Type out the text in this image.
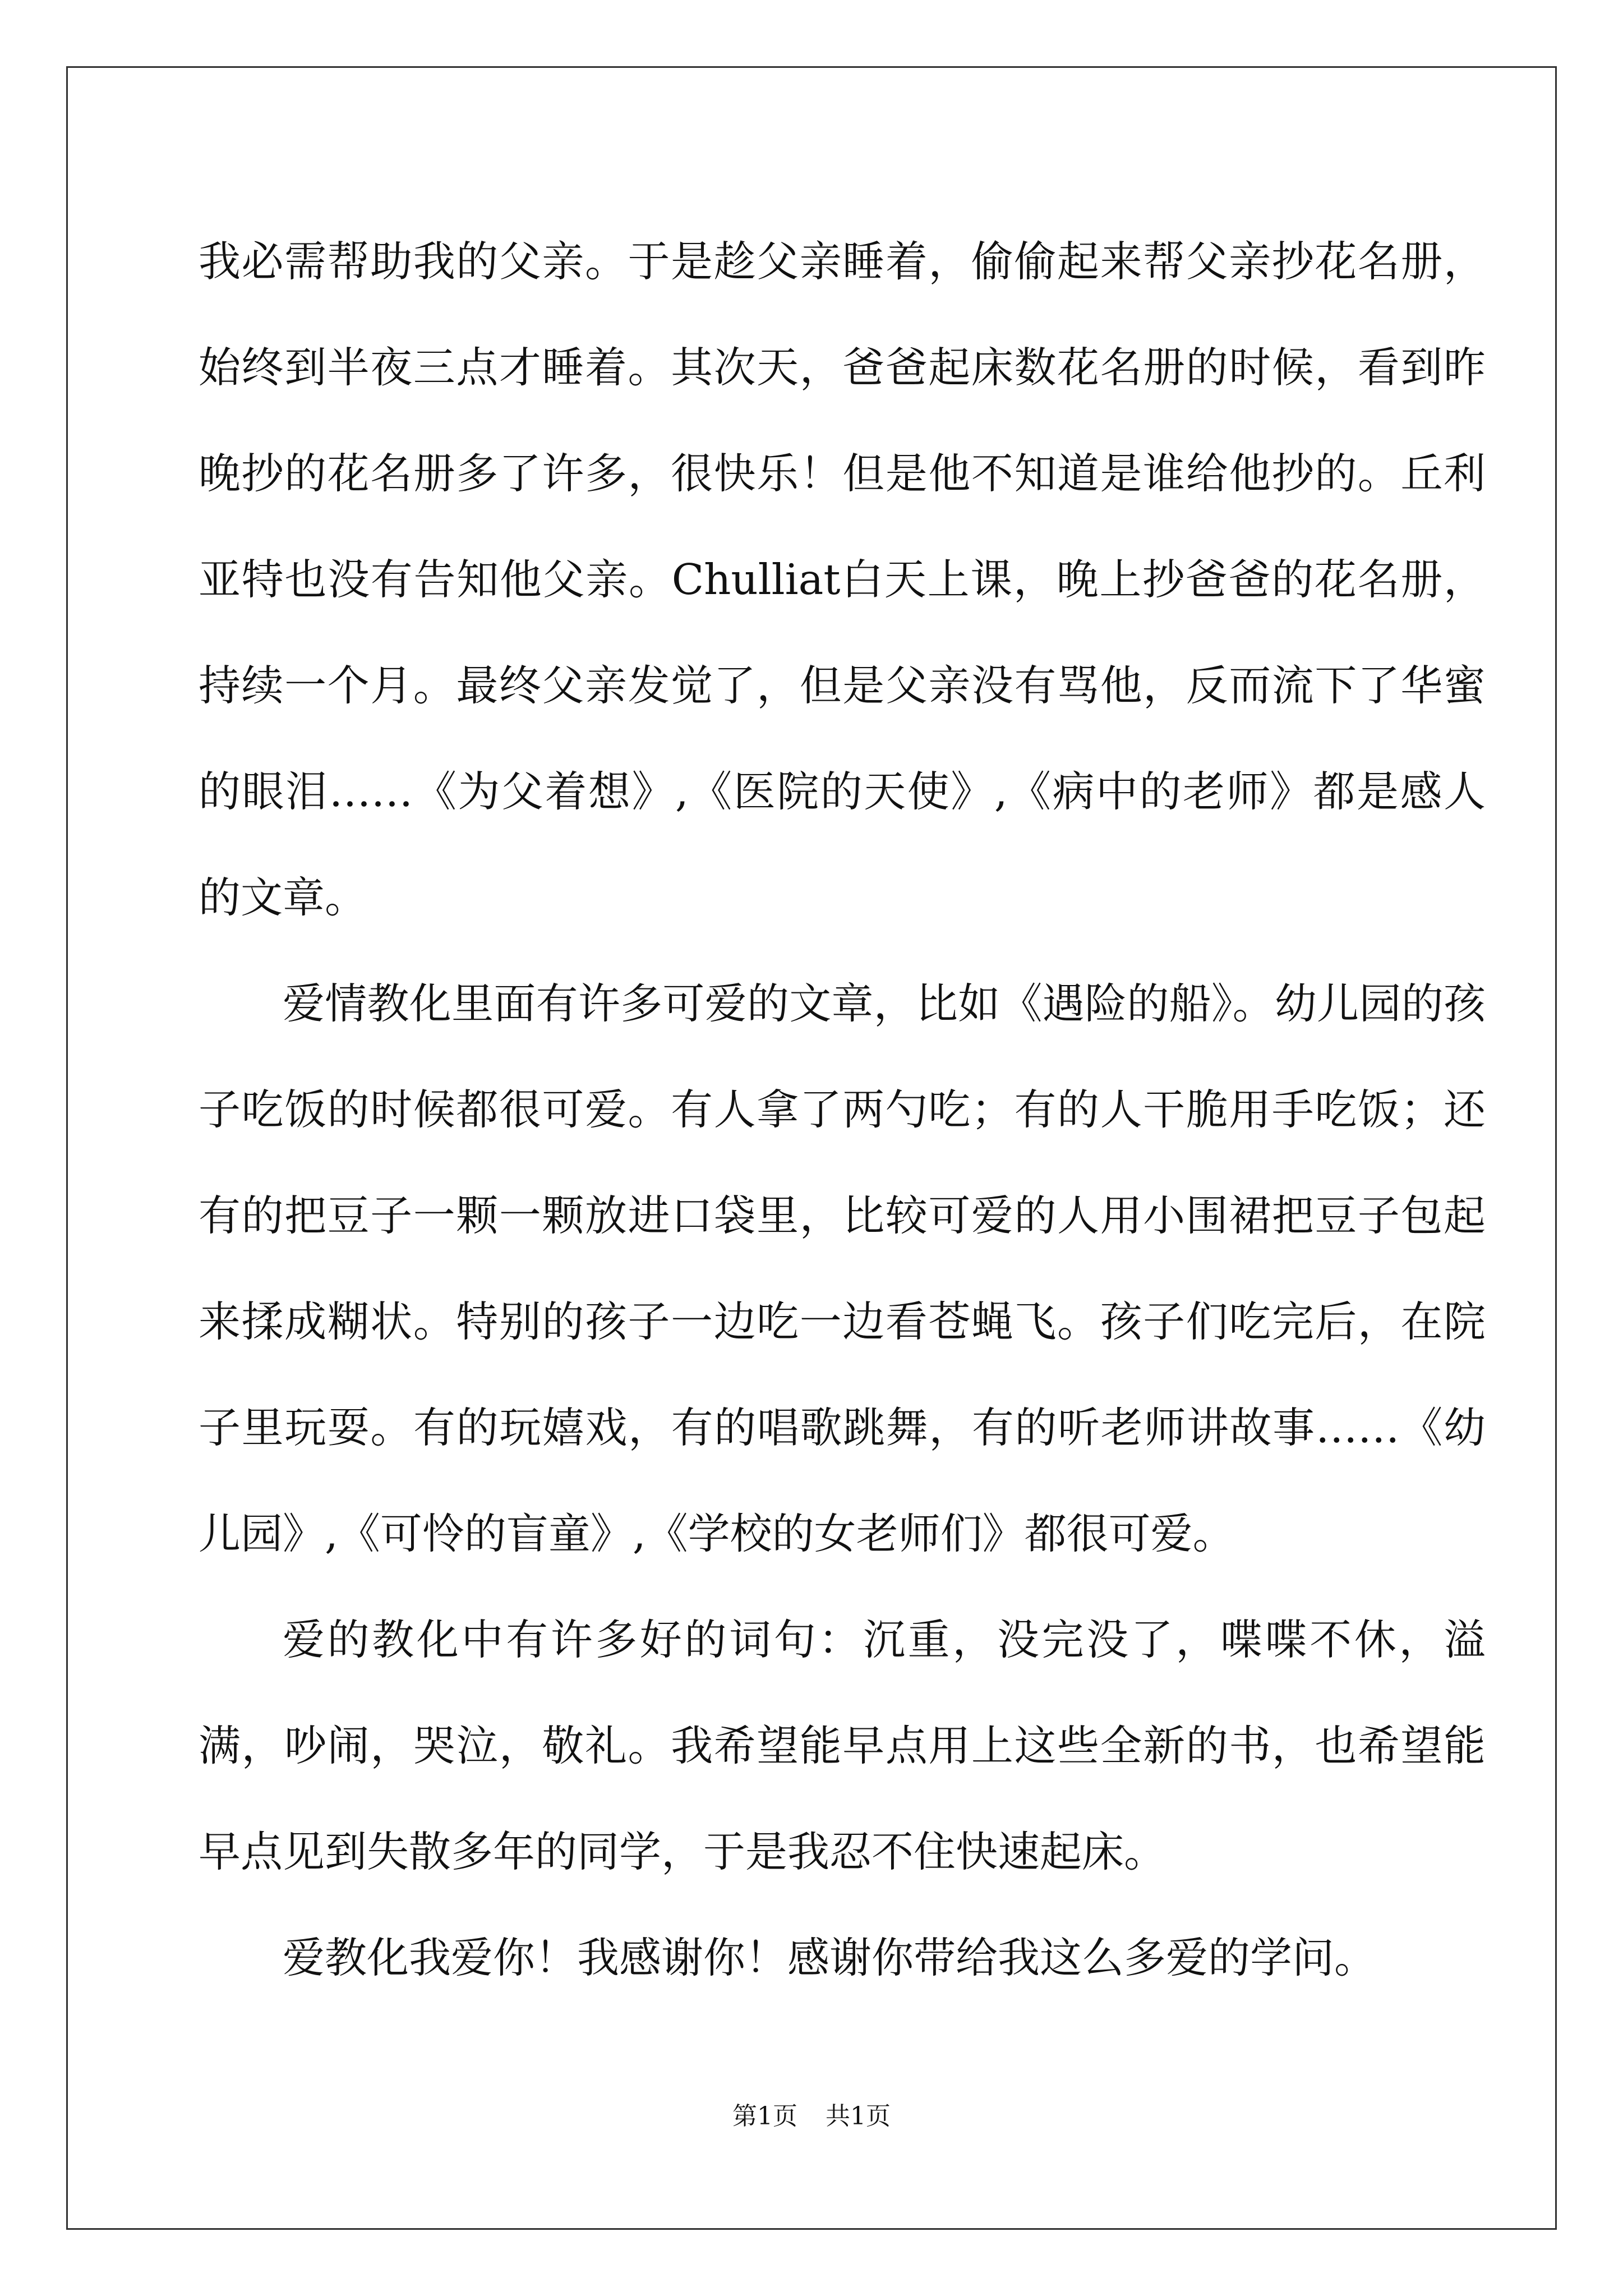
我必需帮助我的父亲。于是趁父亲睡着，偷偷起来帮父亲抄花名册，始终到半夜三点才睡着。其次天，爸爸起床数花名册的时候，看到昨晚抄的花名册多了许多，很快乐！但是他不知道是谁给他抄的。丘利亚特也没有告知他父亲。Chulliat白天上课，晚上抄爸爸的花名册，持续一个月。最终父亲发觉了，但是父亲没有骂他，反而流下了华蜜的眼泪……《为父着想》,《医院的天使》,《病中的老师》都是感人的文章。

爱情教化里面有许多可爱的文章，比如《遇险的船》。幼儿园的孩子吃饭的时候都很可爱。有人拿了两勺吃；有的人干脆用手吃饭；还有的把豆子一颗一颗放进口袋里，比较可爱的人用小围裙把豆子包起来揉成糊状。特别的孩子一边吃一边看苍蝇飞。孩子们吃完后，在院子里玩耍。有的玩嬉戏，有的唱歌跳舞，有的听老师讲故事……《幼儿园》,《可怜的盲童》,《学校的女老师们》都很可爱。

爱的教化中有许多好的词句：沉重，没完没了，喋喋不休，溢满，吵闹，哭泣，敬礼。我希望能早点用上这些全新的书，也希望能早点见到失散多年的同学，于是我忍不住快速起床。

爱教化我爱你！我感谢你！感谢你带给我这么多爱的学问。

第1页 共1页
